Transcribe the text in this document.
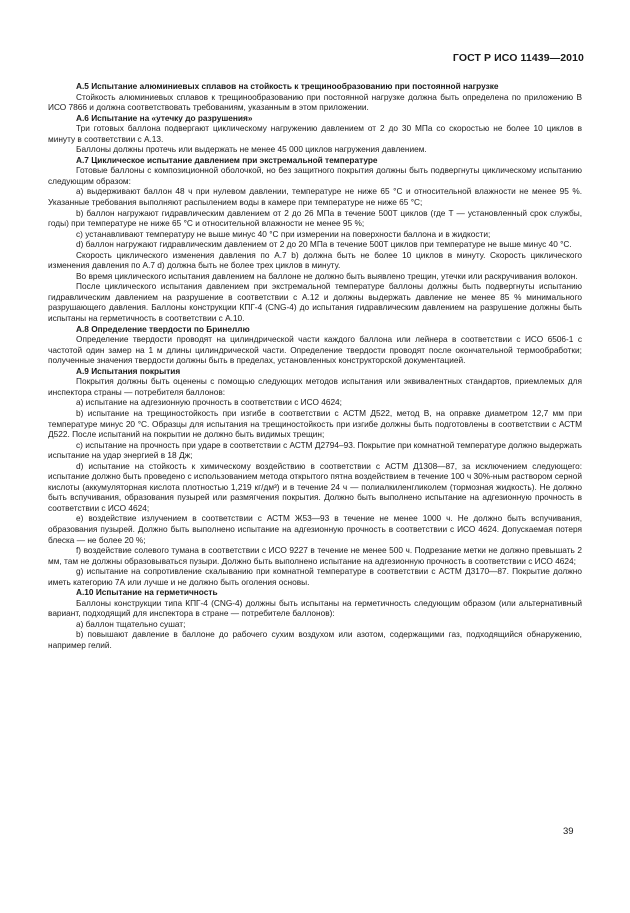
ГОСТ Р ИСО 11439—2010
А.5 Испытание алюминиевых сплавов на стойкость к трещинообразованию при постоянной нагрузке

Стойкость алюминиевых сплавов к трещинообразованию при постоянной нагрузке должна быть определена по приложению В ИСО 7866 и должна соответствовать требованиям, указанным в этом приложении.

А.6 Испытание на «утечку до разрушения»

Три готовых баллона подвергают циклическому нагружению давлением от 2 до 30 МПа со скоростью не более 10 циклов в минуту в соответствии с А.13.

Баллоны должны протечь или выдержать не менее 45 000 циклов нагружения давлением.

А.7 Циклическое испытание давлением при экстремальной температуре

Готовые баллоны с композиционной оболочкой, но без защитного покрытия должны быть подвергнуты циклическому испытанию следующим образом:

а) выдерживают баллон 48 ч при нулевом давлении, температуре не ниже 65 °С и относительной влажности не менее 95 %. Указанные требования выполняют распылением воды в камере при температуре не ниже 65 °С;

b) баллон нагружают гидравлическим давлением от 2 до 26 МПа в течение 500T циклов (где T — установленный срок службы, годы) при температуре не ниже 65 °С и относительной влажности не менее 95 %;

с) устанавливают температуру не выше минус 40 °С при измерении на поверхности баллона и в жидкости;

d) баллон нагружают гидравлическим давлением от 2 до 20 МПа в течение 500T циклов при температуре не выше минус 40 °С.

Скорость циклического изменения давления по А.7 b) должна быть не более 10 циклов в минуту. Скорость циклического изменения давления по А.7 d) должна быть не более трех циклов в минуту.

Во время циклического испытания давлением на баллоне не должно быть выявлено трещин, утечки или раскручивания волокон.

После циклического испытания давлением при экстремальной температуре баллоны должны быть подвергнуты испытанию гидравлическим давлением на разрушение в соответствии с А.12 и должны выдержать давление не менее 85 % минимального разрушающего давления. Баллоны конструкции КПГ-4 (CNG-4) до испытания гидравлическим давлением на разрушение должны быть испытаны на герметичность в соответствии с А.10.

А.8 Определение твердости по Бринеллю

Определение твердости проводят на цилиндрической части каждого баллона или лейнера в соответствии с ИСО 6506-1 с частотой один замер на 1 м длины цилиндрической части. Определение твердости проводят после окончательной термообработки; полученные значения твердости должны быть в пределах, установленных конструкторской документацией.

А.9 Испытания покрытия

Покрытия должны быть оценены с помощью следующих методов испытания или эквивалентных стандартов, приемлемых для инспектора страны — потребителя баллонов:

а) испытание на адгезионную прочность в соответствии с ИСО 4624;

b) испытание на трещиностойкость при изгибе в соответствии с АСТМ Д522, метод В, на оправке диаметром 12,7 мм при температуре минус 20 °С. Образцы для испытания на трещиностойкость при изгибе должны быть подготовлены в соответствии с АСТМ Д522. После испытаний на покрытии не должно быть видимых трещин;

с) испытание на прочность при ударе в соответствии с АСТМ Д2794–93. Покрытие при комнатной температуре должно выдержать испытание на удар энергией в 18 Дж;

d) испытание на стойкость к химическому воздействию в соответствии с АСТМ Д1308—87, за исключением следующего: испытание должно быть проведено с использованием метода открытого пятна воздействием в течение 100 ч 30%-ным раствором серной кислоты (аккумуляторная кислота плотностью 1,219 кг/дм³) и в течение 24 ч — полиалкиленгликолем (тормозная жидкость). Не должно быть вспучивания, образования пузырей или размягчения покрытия. Должно быть выполнено испытание на адгезионную прочность в соответствии с ИСО 4624;

е) воздействие излучением в соответствии с АСТМ Ж53—93 в течение не менее 1000 ч. Не должно быть вспучивания, образования пузырей. Должно быть выполнено испытание на адгезионную прочность в соответствии с ИСО 4624. Допускаемая потеря блеска — не более 20 %;

f) воздействие солевого тумана в соответствии с ИСО 9227 в течение не менее 500 ч. Подрезание метки не должно превышать 2 мм, там не должны образовываться пузыри. Должно быть выполнено испытание на адгезионную прочность в соответствии с ИСО 4624;

g) испытание на сопротивление скалыванию при комнатной температуре в соответствии с АСТМ Д3170—87. Покрытие должно иметь категорию 7А или лучше и не должно быть оголения основы.

А.10 Испытание на герметичность

Баллоны конструкции типа КПГ-4 (CNG-4) должны быть испытаны на герметичность следующим образом (или альтернативный вариант, подходящий для инспектора в стране — потребителе баллонов):

а) баллон тщательно сушат;

b) повышают давление в баллоне до рабочего сухим воздухом или азотом, содержащими газ, подходящийся обнаружению, например гелий.

39
